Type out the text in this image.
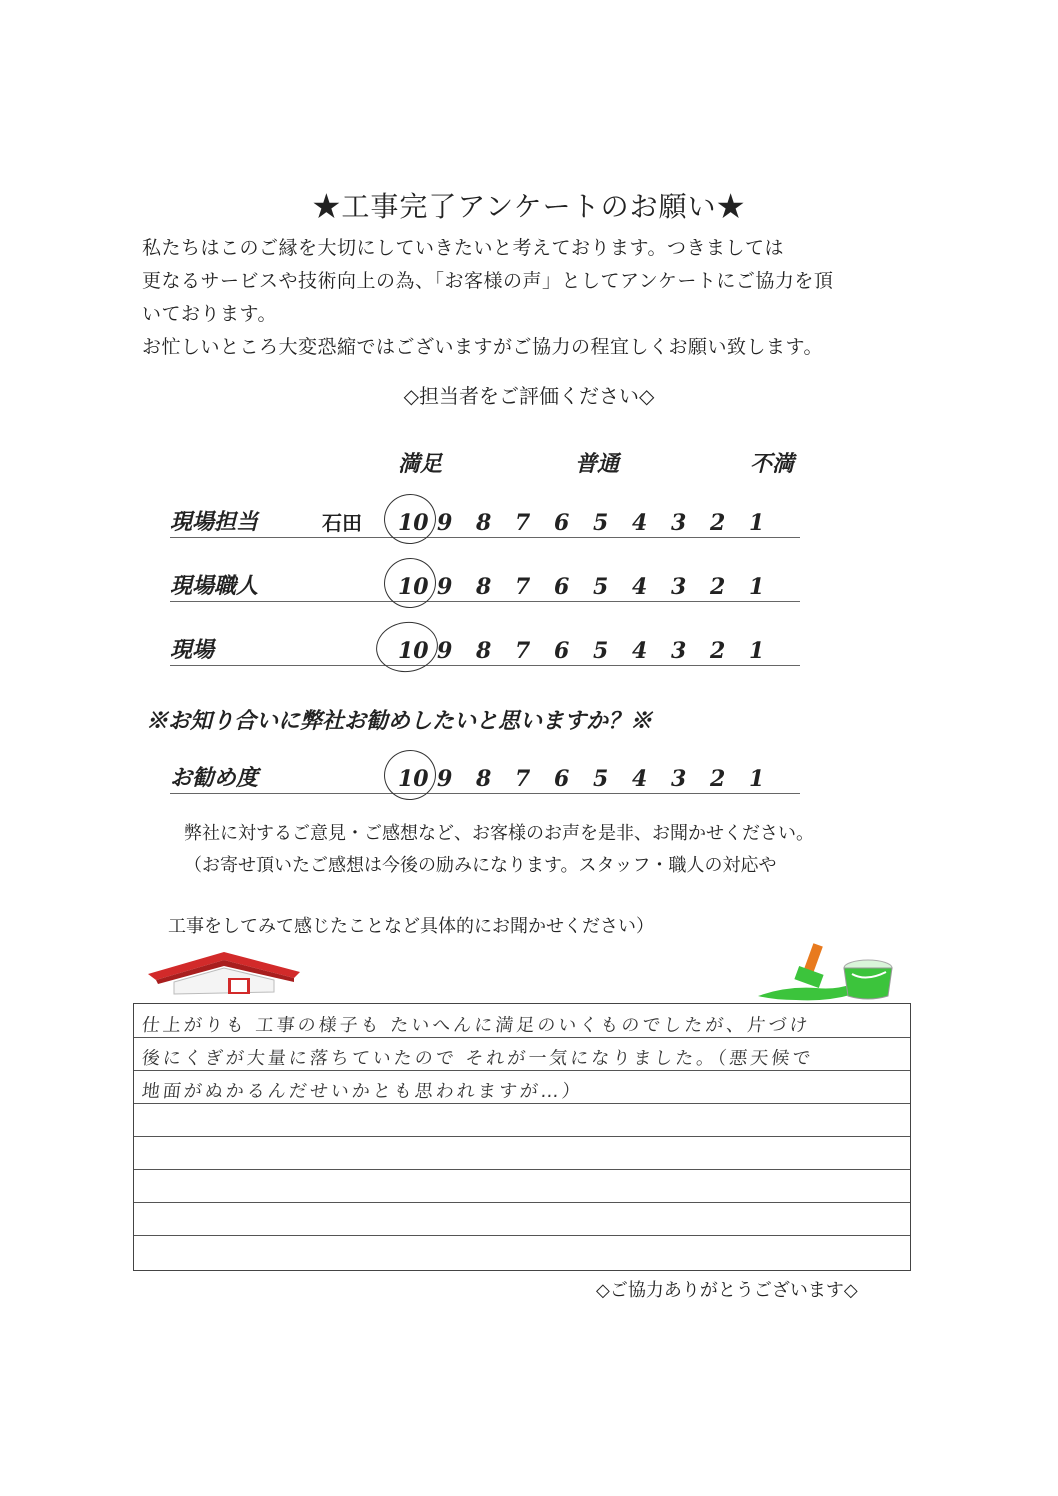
★工事完了アンケートのお願い★
私たちはこのご縁を大切にしていきたいと考えております。つきましては
更なるサービスや技術向上の為、「お客様の声」としてアンケートにご協力を頂
いております。
お忙しいところ大変恐縮ではございますがご協力の程宜しくお願い致します。
◇担当者をご評価ください◇
満足	普通	不満
現場担当	石田 10 9	8	7	6	5	4	3	2	1
現場職人	10 9	8	7	6	5	4	3	2	1
現場	10 9	8	7	6	5	4	3	2	1
※お知り合いに弊社お勧めしたいと思いますか？※
お勧め度	10 9	8	7	6	5	4	3	2	1
弊社に対するご意見・ご感想など、お客様のお声を是非、お聞かせください。
（お寄せ頂いたご感想は今後の励みになります。スタッフ・職人の対応や
工事をしてみて感じたことなど具体的にお聞かせください）
仕上がりも 工事の様子も たいへんに満足のいくものでしたが、片づけ
後にくぎが大量に落ちていたので それが一気になりました。（悪天候で
地面がぬかるんだせいかとも思われますが…）
◇ご協力ありがとうございます◇
